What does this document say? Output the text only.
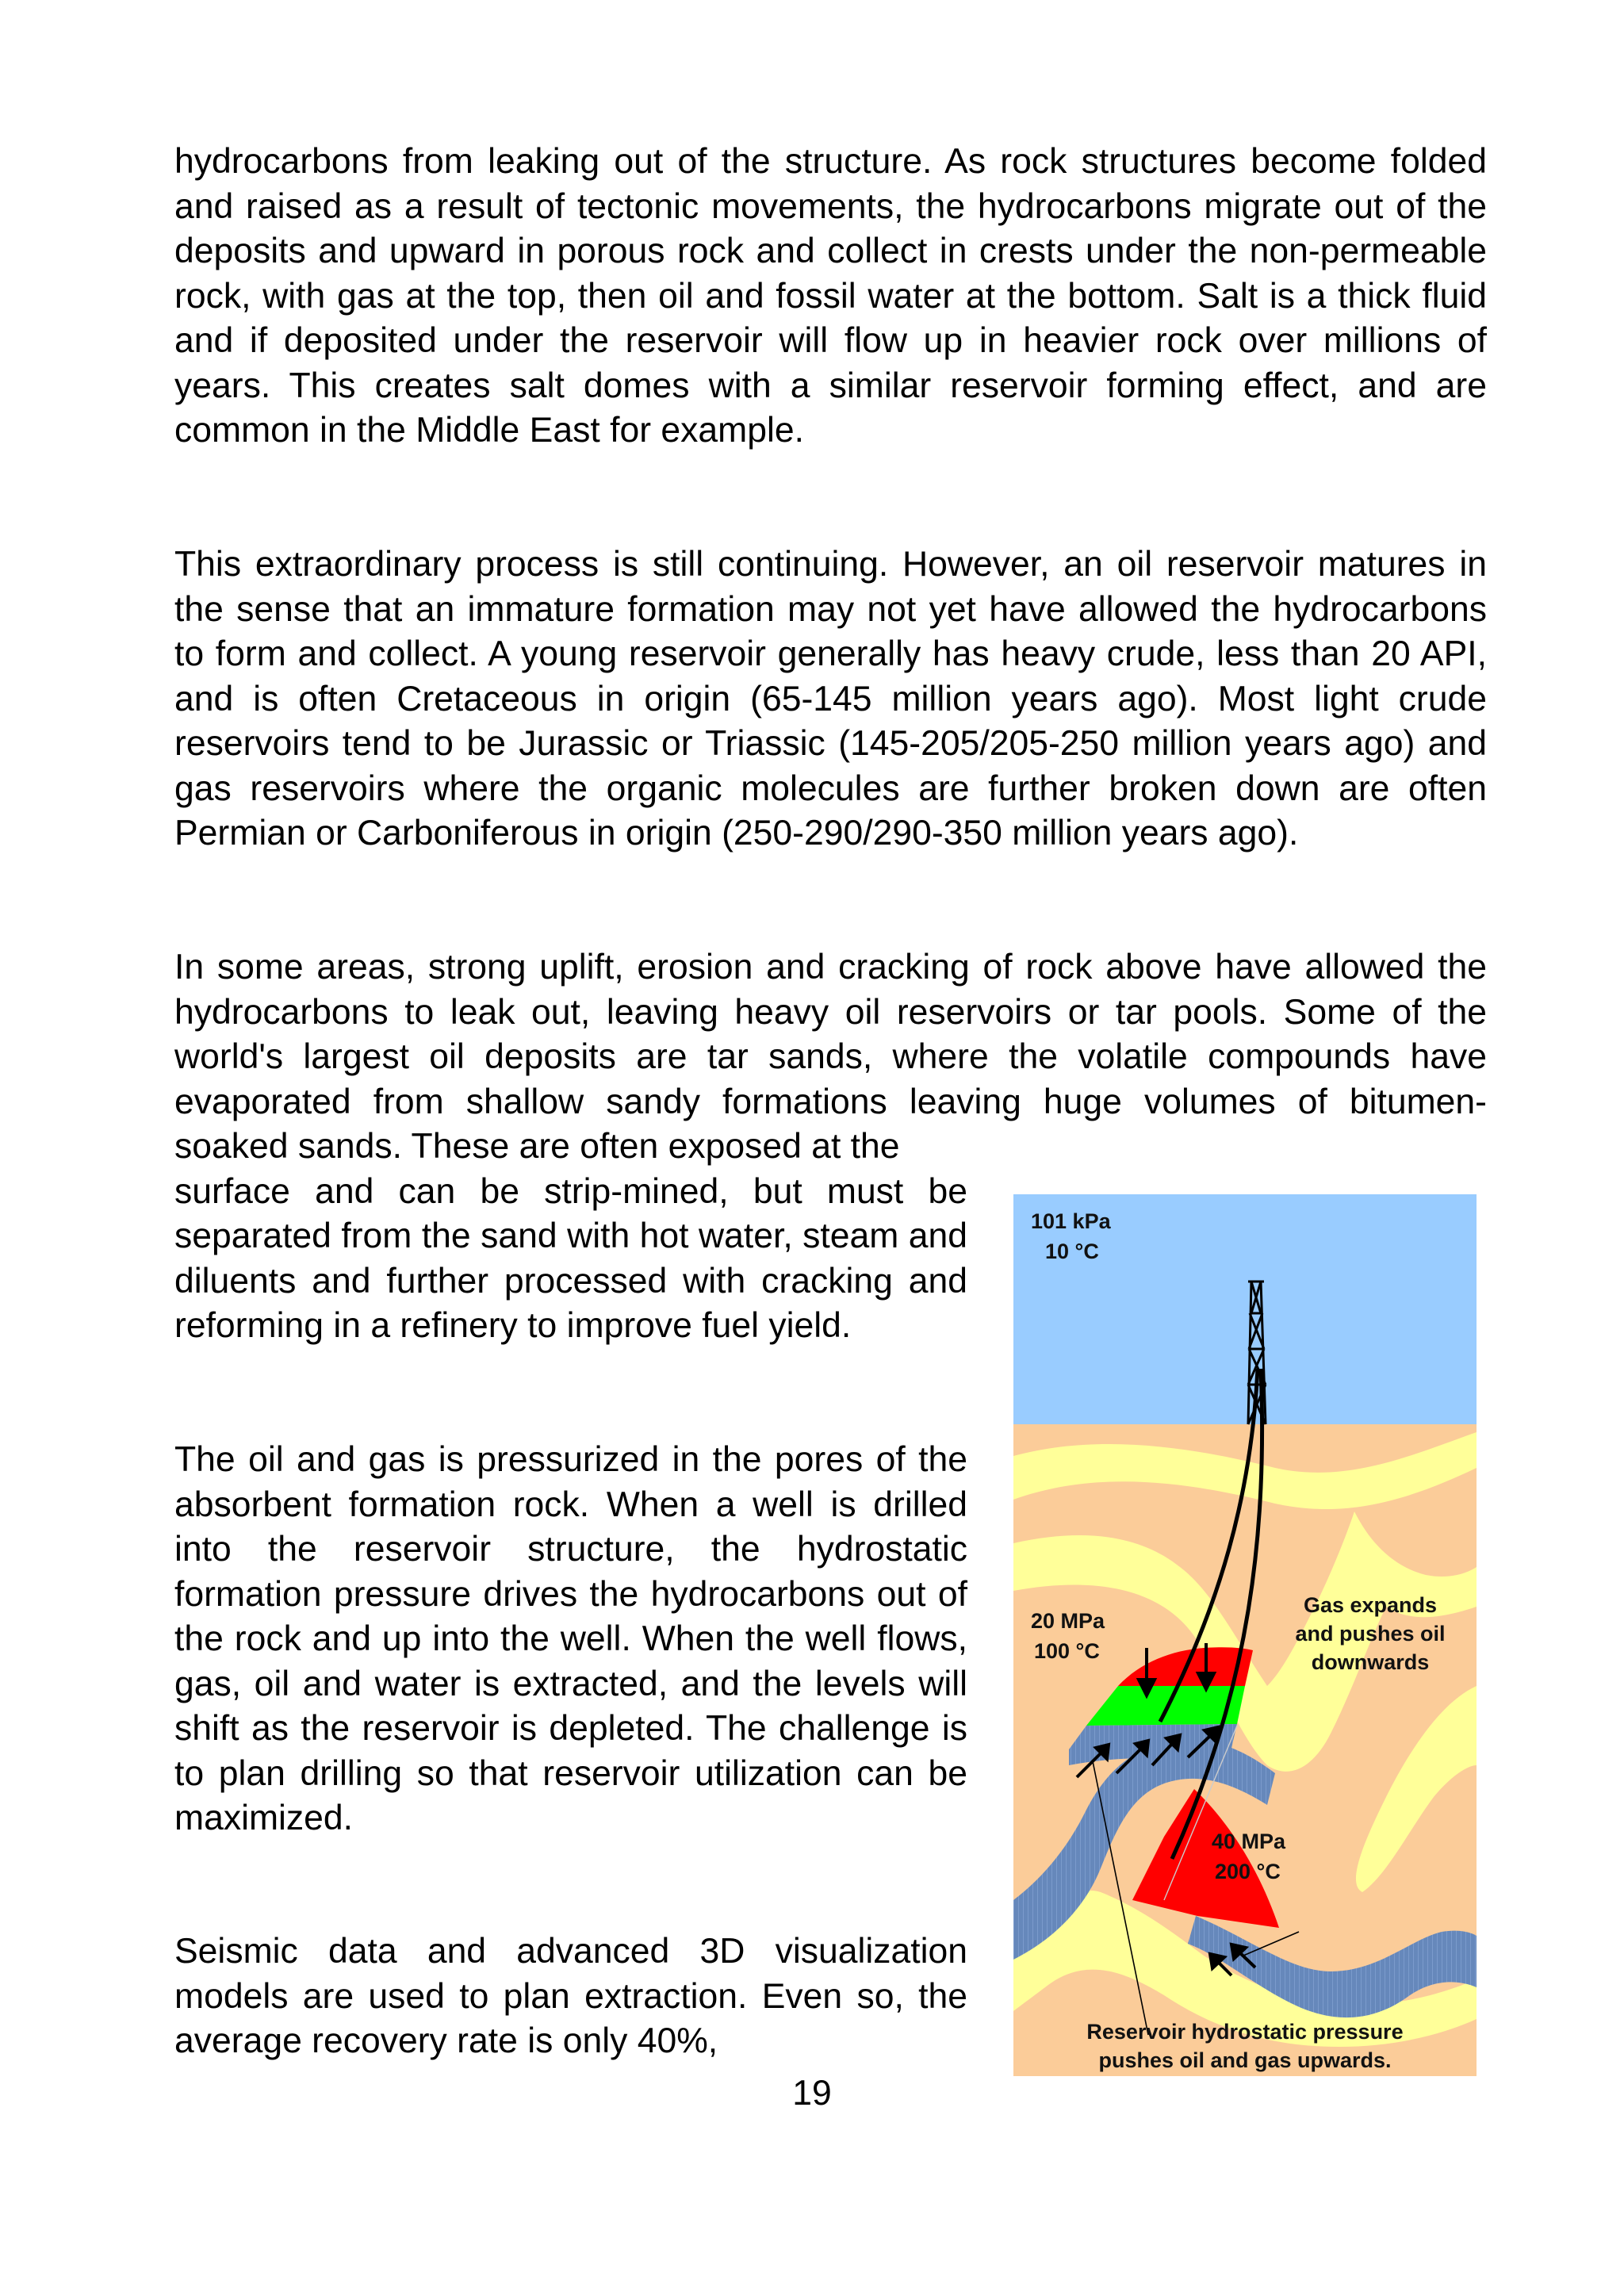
hydrocarbons from leaking out of the structure. As rock structures become folded and raised as a result of tectonic movements, the hydrocarbons migrate out of the deposits and upward in porous rock and collect in crests under the non-permeable rock, with gas at the top, then oil and fossil water at the bottom. Salt is a thick fluid and if deposited under the reservoir will flow up in heavier rock over millions of years. This creates salt domes with a similar reservoir forming effect, and are common in the Middle East for example.

This extraordinary process is still continuing. However, an oil reservoir matures in the sense that an immature formation may not yet have allowed the hydrocarbons to form and collect. A young reservoir generally has heavy crude, less than 20 API, and is often Cretaceous in origin (65-145 million years ago). Most light crude reservoirs tend to be Jurassic or Triassic (145-205/205-250 million years ago) and gas reservoirs where the organic molecules are further broken down are often Permian or Carboniferous in origin (250-290/290-350 million years ago).

In some areas, strong uplift, erosion and cracking of rock above have allowed the hydrocarbons to leak out, leaving heavy oil reservoirs or tar pools. Some of the world's largest oil deposits are tar sands, where the volatile compounds have evaporated from shallow sandy formations leaving huge volumes of bitumen-soaked sands. These are often exposed at the
surface and can be strip-mined, but must be separated from the sand with hot water, steam and diluents and further processed with cracking and reforming in a refinery to improve fuel yield.

The oil and gas is pressurized in the pores of the absorbent formation rock. When a well is drilled into the reservoir structure, the hydrostatic formation pressure drives the hydrocarbons out of the rock and up into the well. When the well flows, gas, oil and water is extracted, and the levels will shift as the reservoir is depleted. The challenge is to plan drilling so that reservoir utilization can be maximized.

Seismic data and advanced 3D visualization models are used to plan extraction. Even so, the average recovery rate is only 40%,

19
101 kPa
10 °C
20 MPa
100 °C
40 MPa
200 °C
Gas expands
and pushes oil
downwards
Reservoir hydrostatic pressure
pushes oil and gas upwards.
